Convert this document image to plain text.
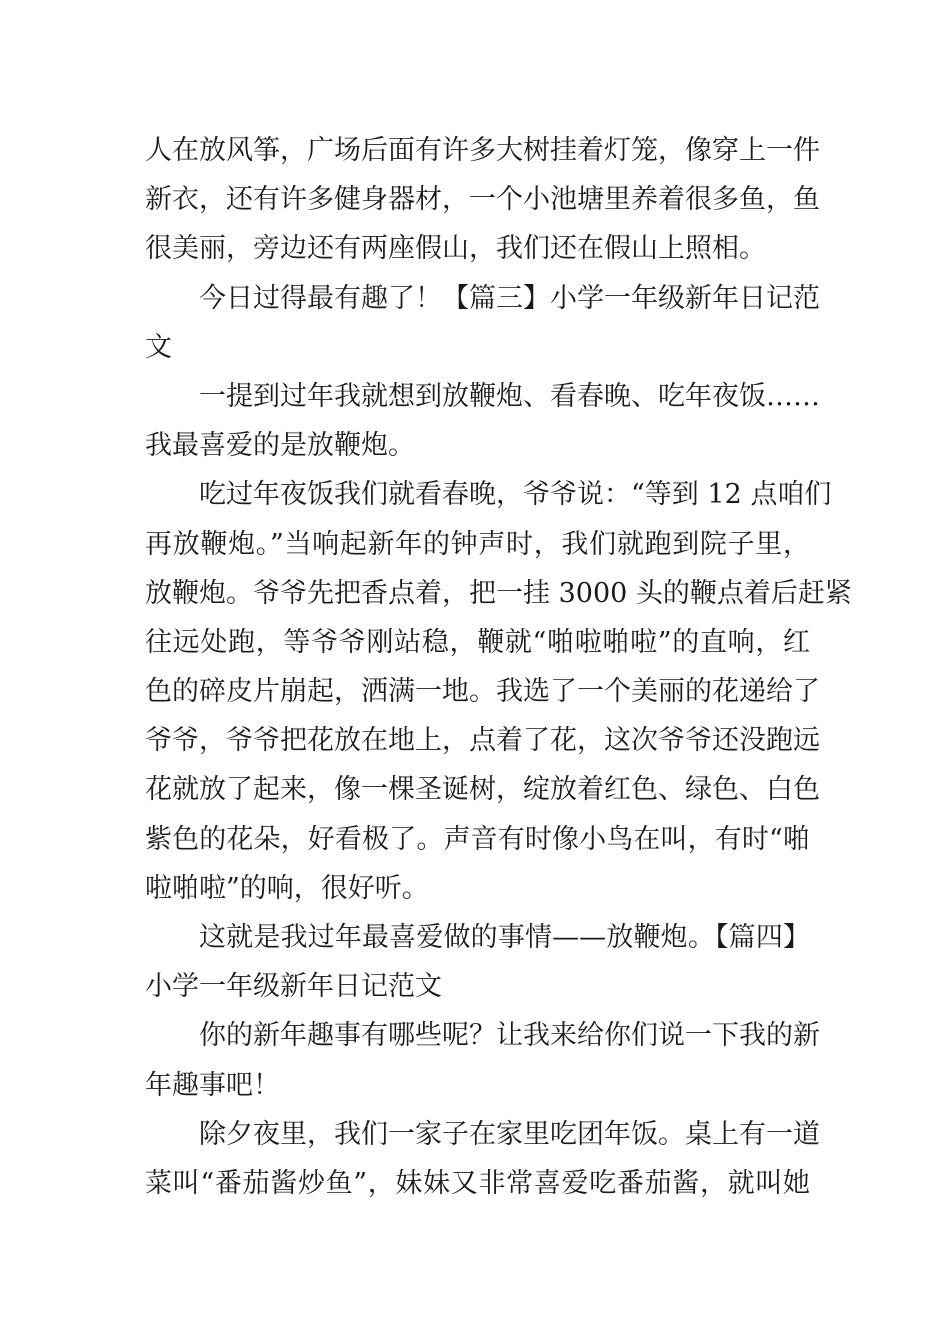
人在放风筝，广场后面有许多大树挂着灯笼，像穿上一件
新衣，还有许多健身器材，一个小池塘里养着很多鱼，鱼
很美丽，旁边还有两座假山，我们还在假山上照相。
今日过得最有趣了！【篇三】小学一年级新年日记范
文
一提到过年我就想到放鞭炮、看春晚、吃年夜饭……
我最喜爱的是放鞭炮。
吃过年夜饭我们就看春晚，爷爷说：“等到 12 点咱们
再放鞭炮。”当响起新年的钟声时，我们就跑到院子里，
放鞭炮。爷爷先把香点着，把一挂 3000 头的鞭点着后赶紧
往远处跑，等爷爷刚站稳，鞭就“啪啦啪啦”的直响，红
色的碎皮片崩起，洒满一地。我选了一个美丽的花递给了
爷爷，爷爷把花放在地上，点着了花，这次爷爷还没跑远
花就放了起来，像一棵圣诞树，绽放着红色、绿色、白色
紫色的花朵，好看极了。声音有时像小鸟在叫，有时“啪
啦啪啦”的响，很好听。
这就是我过年最喜爱做的事情——放鞭炮。【篇四】
小学一年级新年日记范文
你的新年趣事有哪些呢？让我来给你们说一下我的新
年趣事吧！
除夕夜里，我们一家子在家里吃团年饭。桌上有一道
菜叫“番茄酱炒鱼”，妹妹又非常喜爱吃番茄酱，就叫她
